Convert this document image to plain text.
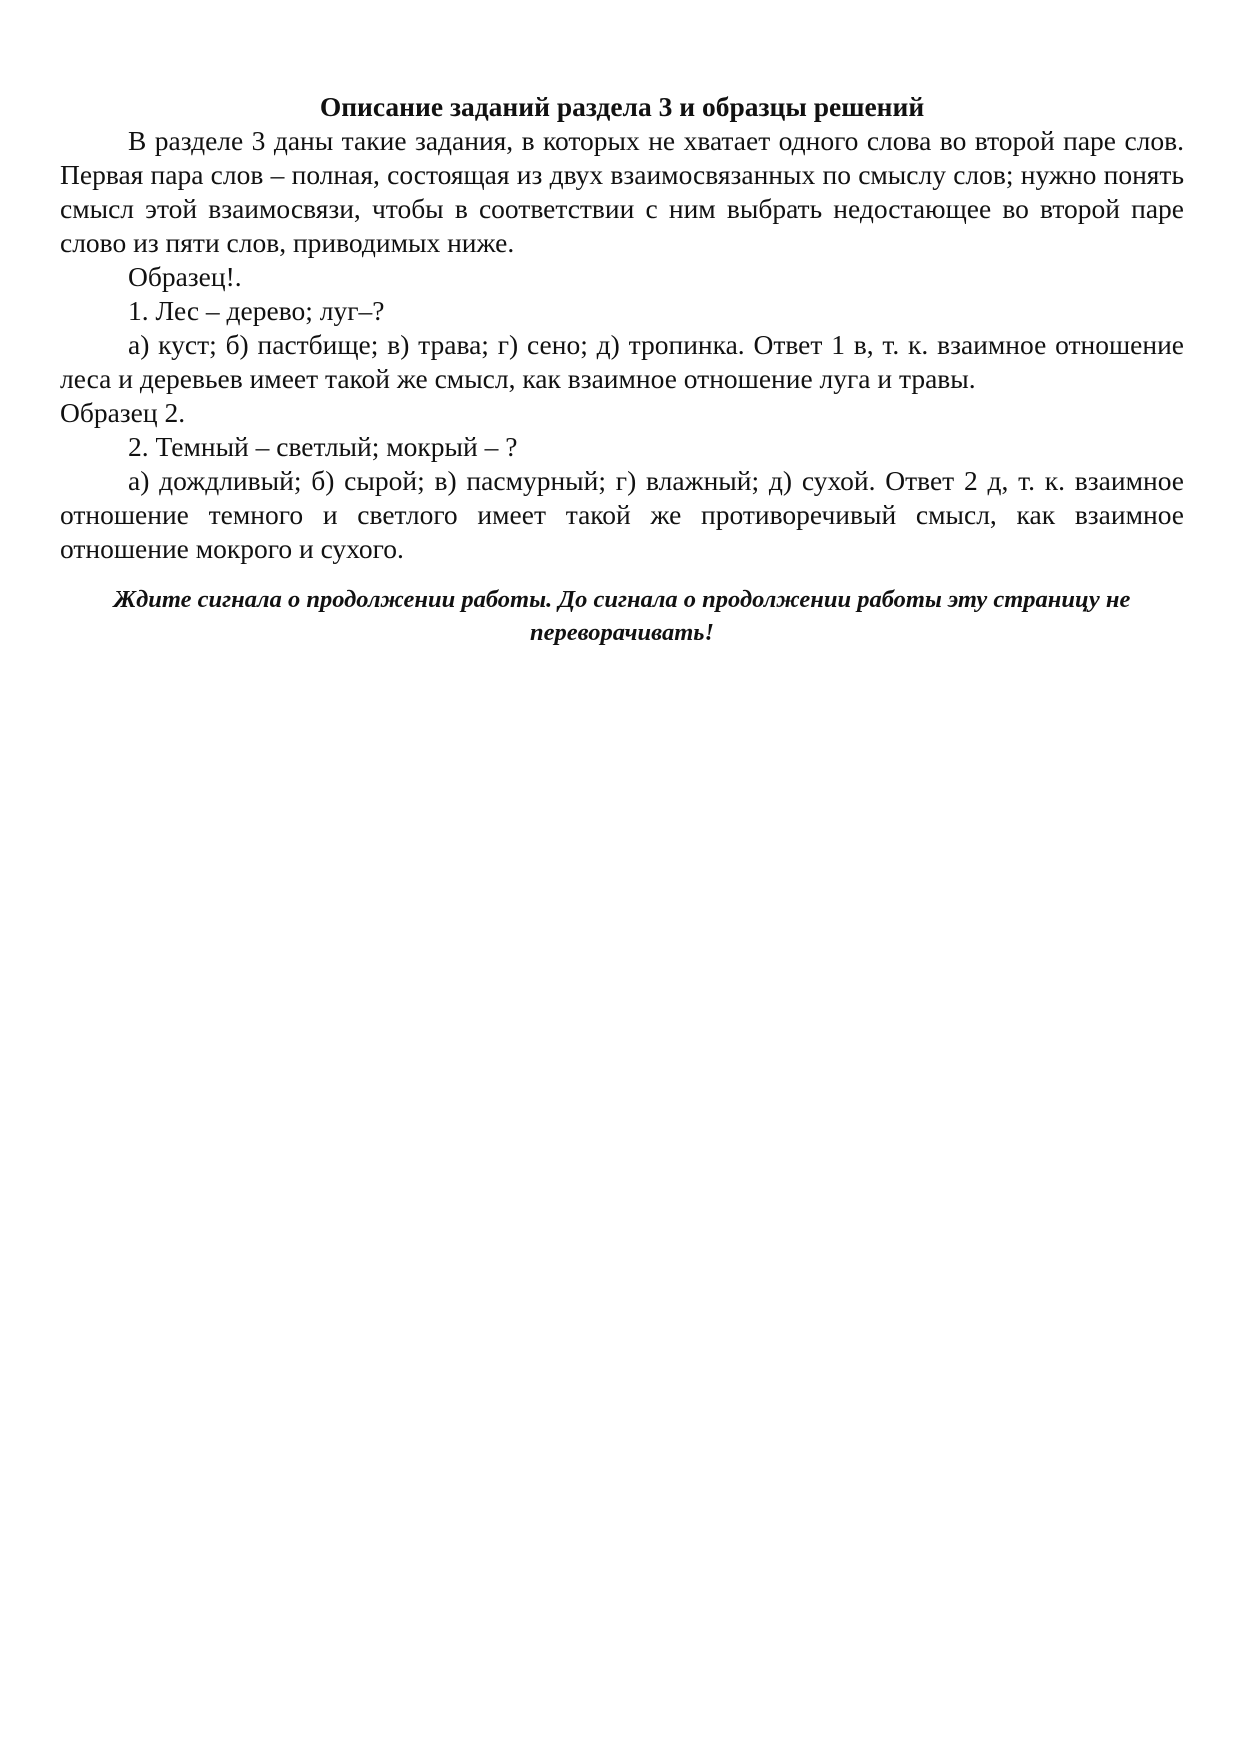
Описание заданий раздела 3 и образцы решений

В разделе 3 даны такие задания, в которых не хватает одного слова во второй паре слов. Первая пара слов – полная, состоящая из двух взаимосвязанных по смыслу слов; нужно понять смысл этой взаимосвязи, чтобы в соответствии с ним выбрать недостающее во второй паре слово из пяти слов, приводимых ниже.

Образец!.

1. Лес – дерево; луг–?

а) куст; б) пастбище; в) трава; г) сено; д) тропинка. Ответ 1 в, т. к. взаимное отношение леса и деревьев имеет такой же смысл, как взаимное отношение луга и травы.

Образец 2.

2. Темный – светлый; мокрый – ?

а) дождливый; б) сырой; в) пасмурный; г) влажный; д) сухой. Ответ 2 д, т. к. взаимное отношение темного и светлого имеет такой же противоречивый смысл, как взаимное отношение мокрого и сухого.

Ждите сигнала о продолжении работы. До сигнала о продолжении работы эту страницу не переворачивать!
